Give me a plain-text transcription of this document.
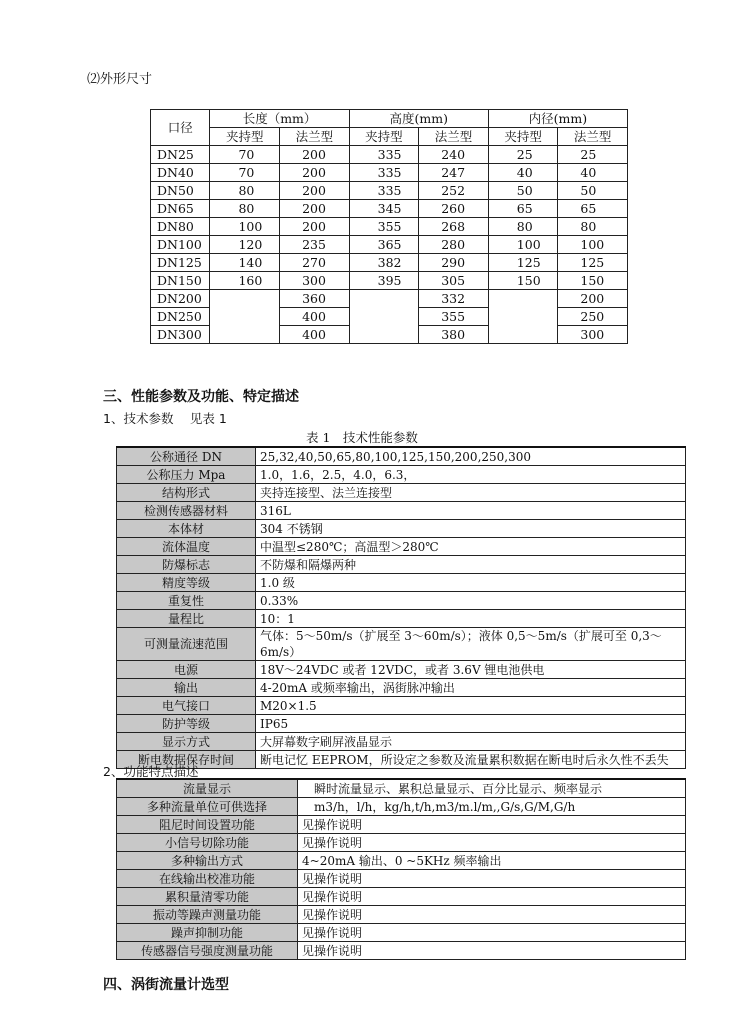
⑵外形尺寸
口径	长度（mm）		高度(mm)		内径(mm)	
	夹持型	法兰型	夹持型	法兰型	夹持型	法兰型
DN25	70	200	335	240	25	25
DN40	70	200	335	247	40	40
DN50	80	200	335	252	50	50
DN65	80	200	345	260	65	65
DN80	100	200	355	268	80	80
DN100	120	235	365	280	100	100
DN125	140	270	382	290	125	125
DN150	160	300	395	305	150	150
DN200		360		332		200
DN250		400		355		250
DN300		400		380		300
三、性能参数及功能、特定描述
1、技术参数　 见表 1
表 1　技术性能参数
公称通径 DN	25,32,40,50,65,80,100,125,150,200,250,300
公称压力 Mpa	1.0，1.6，2.5，4.0，6.3，
结构形式	夹持连接型、法兰连接型
检测传感器材料	316L
本体材	304 不锈钢
流体温度	中温型≤280℃；高温型＞280℃
防爆标志	不防爆和隔爆两种
精度等级	1.0 级
重复性	0.33%
量程比	10：1
可测量流速范围	气体：5～50m/s（扩展至 3～60m/s）；液体 0,5～5m/s（扩展可至 0,3～6m/s）
电源	18V～24VDC 或者 12VDC，或者 3.6V 锂电池供电
输出	4-20mA 或频率输出，涡街脉冲输出
电气接口	M20×1.5
防护等级	IP65
显示方式	大屏幕数字刷屏液晶显示
断电数据保存时间	断电记忆 EEPROM，所设定之参数及流量累积数据在断电时后永久性不丢失
2、功能特点描述
流量显示	　瞬时流量显示、累积总量显示、百分比显示、频率显示
多种流量单位可供选择	　m3/h，l/h，kg/h,t/h,m3/m.l/m,,G/s,G/M,G/h
阻尼时间设置功能	见操作说明
小信号切除功能	见操作说明
多种输出方式	4~20mA 输出、0 ~5KHz 频率输出
在线输出校准功能	见操作说明
累积量清零功能	见操作说明
振动等躁声测量功能	见操作说明
躁声抑制功能	见操作说明
传感器信号强度测量功能	见操作说明
四、涡街流量计选型
